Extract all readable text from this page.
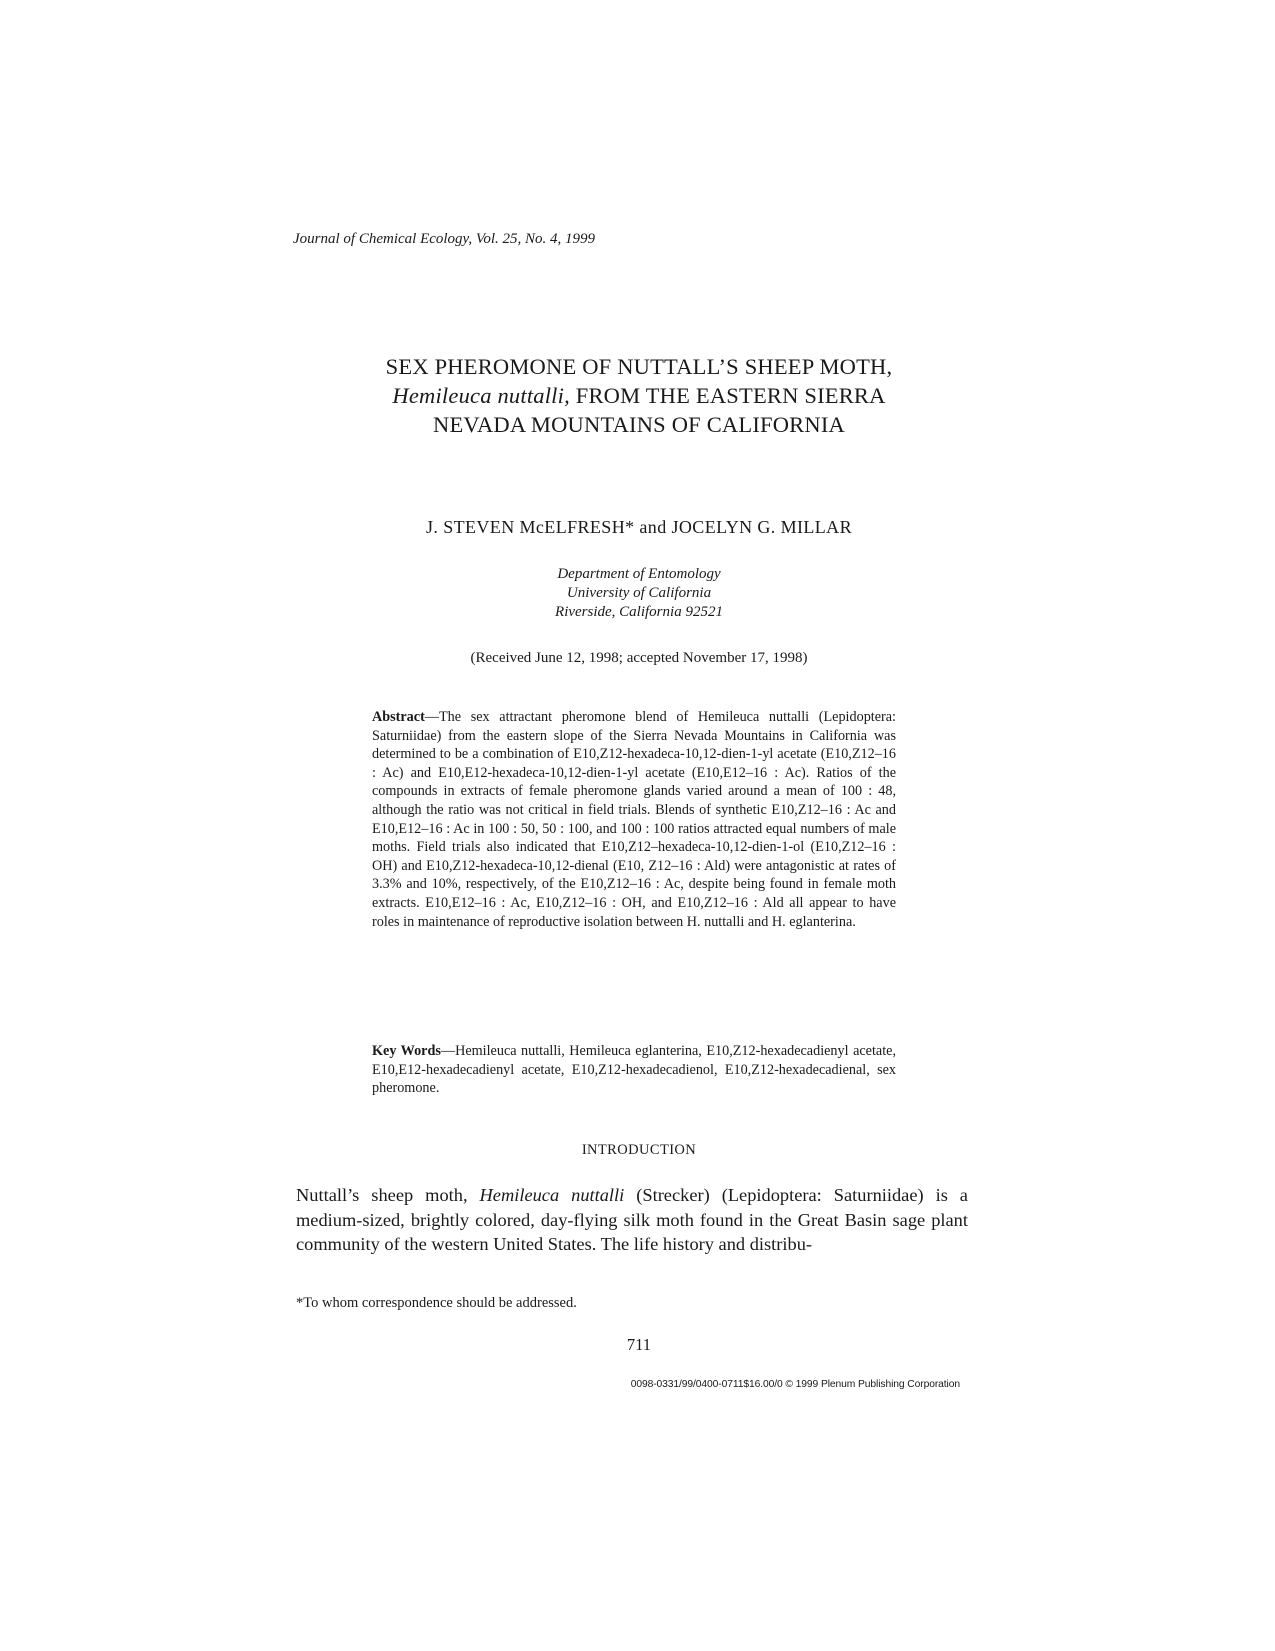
Journal of Chemical Ecology, Vol. 25, No. 4, 1999
SEX PHEROMONE OF NUTTALL’S SHEEP MOTH,
Hemileuca nuttalli, FROM THE EASTERN SIERRA
NEVADA MOUNTAINS OF CALIFORNIA
J. STEVEN McELFRESH* and JOCELYN G. MILLAR
Department of Entomology
University of California
Riverside, California 92521
(Received June 12, 1998; accepted November 17, 1998)
Abstract—The sex attractant pheromone blend of Hemileuca nuttalli (Lepidoptera: Saturniidae) from the eastern slope of the Sierra Nevada Mountains in California was determined to be a combination of E10,Z12-hexadeca-10,12-dien-1-yl acetate (E10,Z12–16 : Ac) and E10,E12-hexadeca-10,12-dien-1-yl acetate (E10,E12–16 : Ac). Ratios of the compounds in extracts of female pheromone glands varied around a mean of 100 : 48, although the ratio was not critical in field trials. Blends of synthetic E10,Z12–16 : Ac and E10,E12–16 : Ac in 100 : 50, 50 : 100, and 100 : 100 ratios attracted equal numbers of male moths. Field trials also indicated that E10,Z12–hexadeca-10,12-dien-1-ol (E10,Z12–16 : OH) and E10,Z12-hexadeca-10,12-dienal (E10, Z12–16 : Ald) were antagonistic at rates of 3.3% and 10%, respectively, of the E10,Z12–16 : Ac, despite being found in female moth extracts. E10,E12–16 : Ac, E10,Z12–16 : OH, and E10,Z12–16 : Ald all appear to have roles in maintenance of reproductive isolation between H. nuttalli and H. eglanterina.
Key Words—Hemileuca nuttalli, Hemileuca eglanterina, E10,Z12-hexadecadienyl acetate, E10,E12-hexadecadienyl acetate, E10,Z12-hexadecadienol, E10,Z12-hexadecadienal, sex pheromone.
INTRODUCTION
Nuttall’s sheep moth, Hemileuca nuttalli (Strecker) (Lepidoptera: Saturniidae) is a medium-sized, brightly colored, day-flying silk moth found in the Great Basin sage plant community of the western United States. The life history and distribu-
*To whom correspondence should be addressed.
711
0098-0331/99/0400-0711$16.00/0 © 1999 Plenum Publishing Corporation
